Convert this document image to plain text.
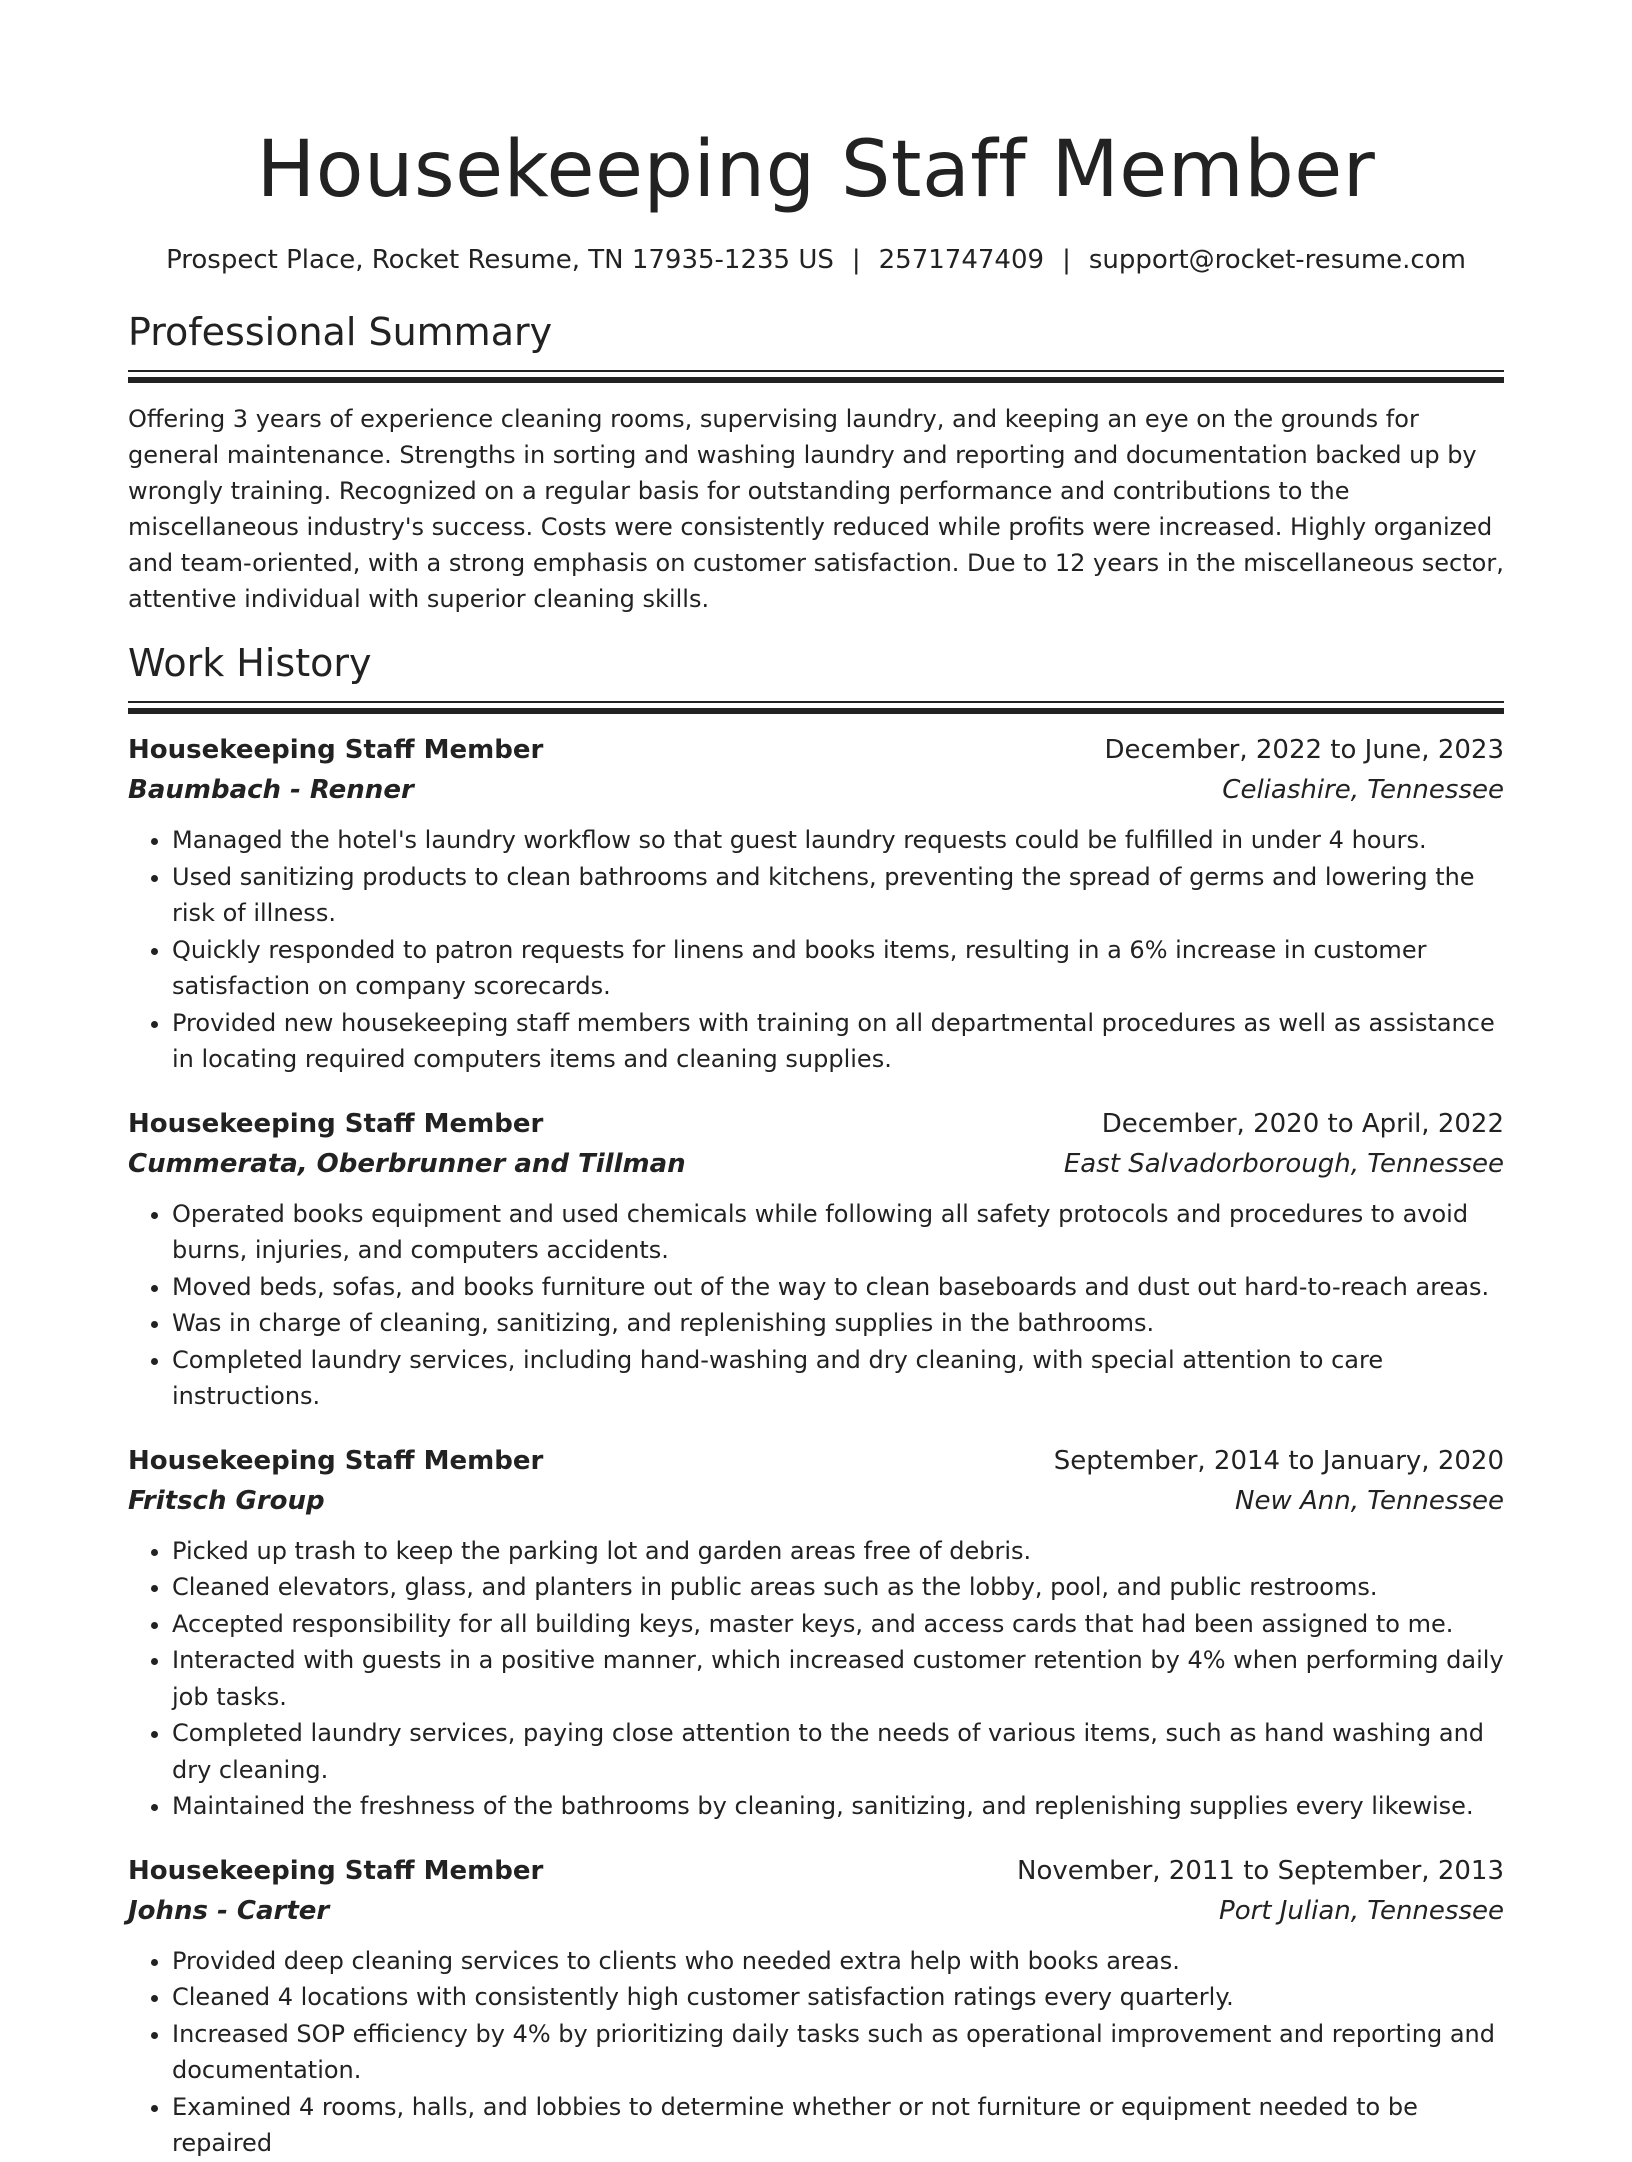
Housekeeping Staff Member
Prospect Place, Rocket Resume, TN 17935-1235 US | 2571747409 | support@rocket-resume.com
Professional Summary

Offering 3 years of experience cleaning rooms, supervising laundry, and keeping an eye on the grounds for general maintenance. Strengths in sorting and washing laundry and reporting and documentation backed up by wrongly training. Recognized on a regular basis for outstanding performance and contributions to the miscellaneous industry's success. Costs were consistently reduced while profits were increased. Highly organized and team-oriented, with a strong emphasis on customer satisfaction. Due to 12 years in the miscellaneous sector, attentive individual with superior cleaning skills.

Work History
Housekeeping Staff Member	December, 2022 to June, 2023
Baumbach - Renner	Celiashire, Tennessee
• Managed the hotel's laundry workflow so that guest laundry requests could be fulfilled in under 4 hours.
• Used sanitizing products to clean bathrooms and kitchens, preventing the spread of germs and lowering the risk of illness.
• Quickly responded to patron requests for linens and books items, resulting in a 6% increase in customer satisfaction on company scorecards.
• Provided new housekeeping staff members with training on all departmental procedures as well as assistance in locating required computers items and cleaning supplies.
Housekeeping Staff Member	December, 2020 to April, 2022
Cummerata, Oberbrunner and Tillman	East Salvadorborough, Tennessee
• Operated books equipment and used chemicals while following all safety protocols and procedures to avoid burns, injuries, and computers accidents.
• Moved beds, sofas, and books furniture out of the way to clean baseboards and dust out hard-to-reach areas.
• Was in charge of cleaning, sanitizing, and replenishing supplies in the bathrooms.
• Completed laundry services, including hand-washing and dry cleaning, with special attention to care instructions.
Housekeeping Staff Member	September, 2014 to January, 2020
Fritsch Group	New Ann, Tennessee
• Picked up trash to keep the parking lot and garden areas free of debris.
• Cleaned elevators, glass, and planters in public areas such as the lobby, pool, and public restrooms.
• Accepted responsibility for all building keys, master keys, and access cards that had been assigned to me.
• Interacted with guests in a positive manner, which increased customer retention by 4% when performing daily job tasks.
• Completed laundry services, paying close attention to the needs of various items, such as hand washing and dry cleaning.
• Maintained the freshness of the bathrooms by cleaning, sanitizing, and replenishing supplies every likewise.
Housekeeping Staff Member	November, 2011 to September, 2013
Johns - Carter	Port Julian, Tennessee
• Provided deep cleaning services to clients who needed extra help with books areas.
• Cleaned 4 locations with consistently high customer satisfaction ratings every quarterly.
• Increased SOP efficiency by 4% by prioritizing daily tasks such as operational improvement and reporting and documentation.
• Examined 4 rooms, halls, and lobbies to determine whether or not furniture or equipment needed to be repaired
